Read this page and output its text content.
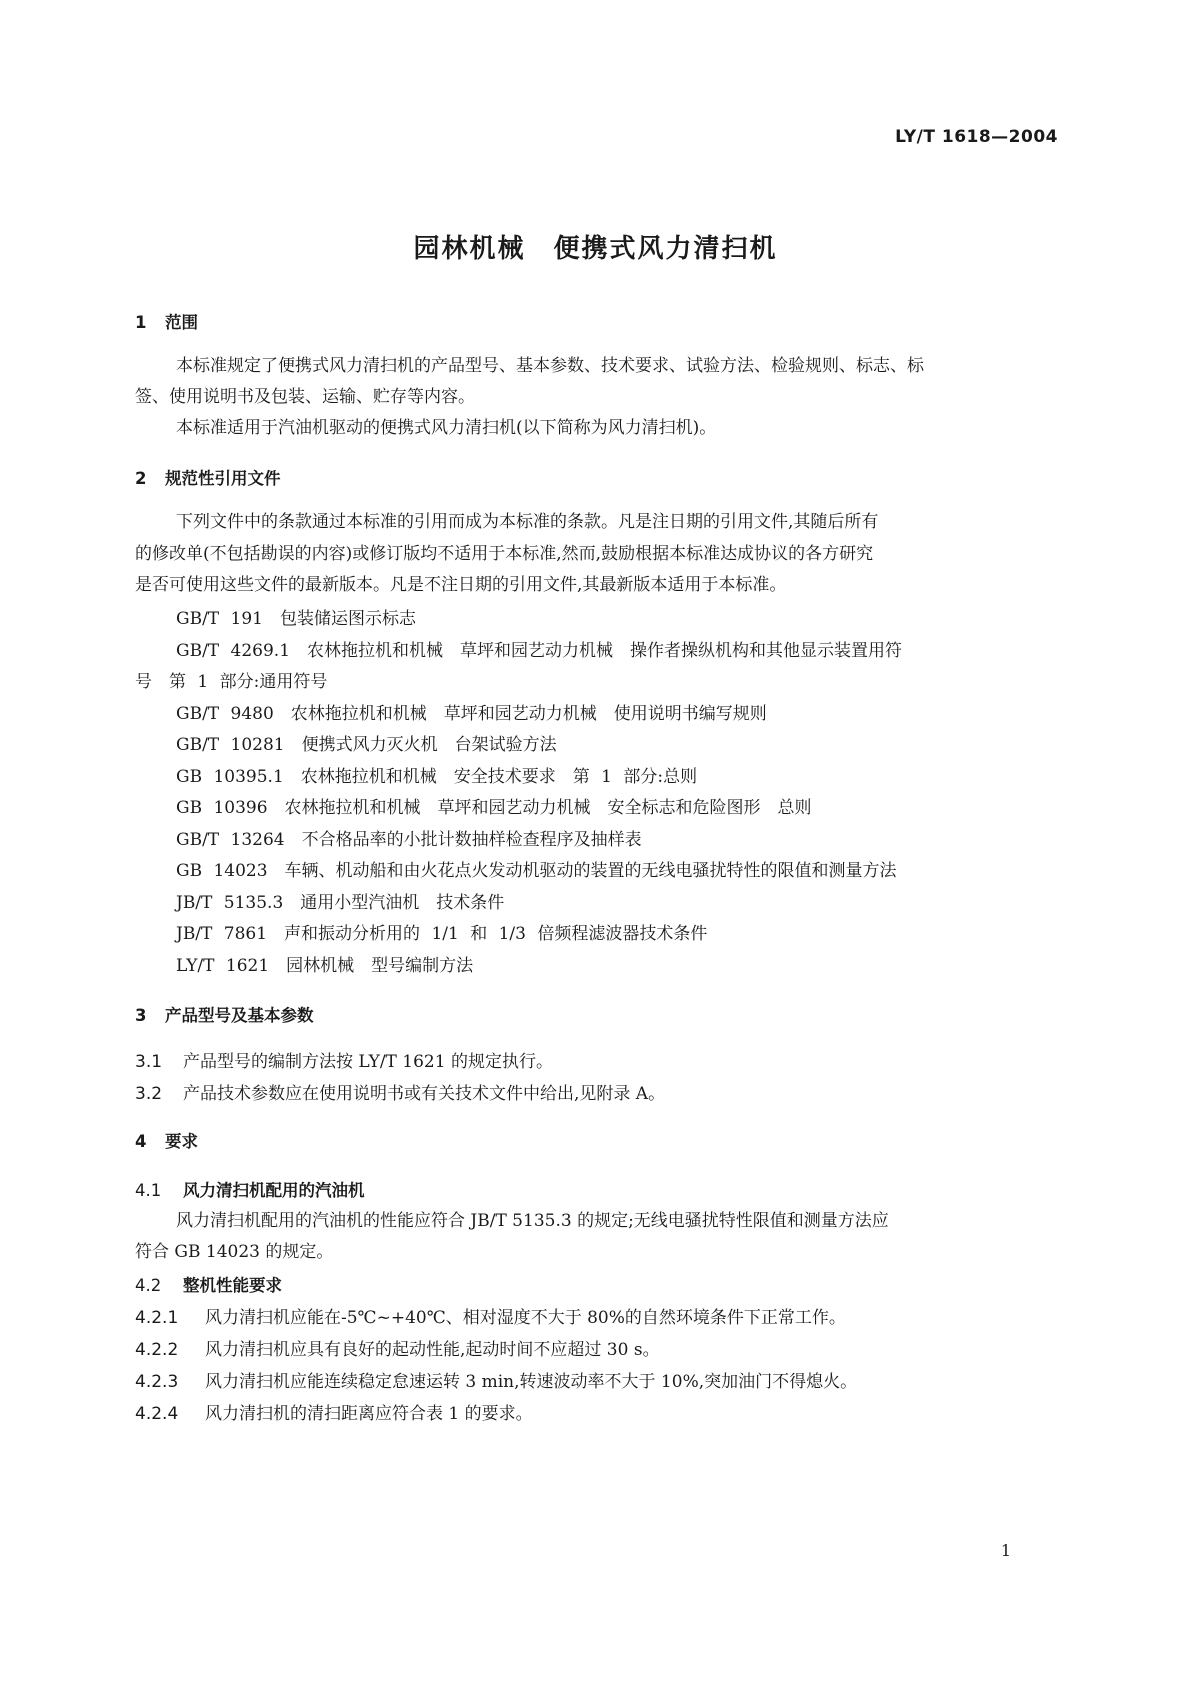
LY/T 1618—2004
园林机械　便携式风力清扫机
1 范围
本标准规定了便携式风力清扫机的产品型号、基本参数、技术要求、试验方法、检验规则、标志、标
签、使用说明书及包装、运输、贮存等内容。
本标准适用于汽油机驱动的便携式风力清扫机(以下简称为风力清扫机)。
2 规范性引用文件
下列文件中的条款通过本标准的引用而成为本标准的条款。凡是注日期的引用文件,其随后所有
的修改单(不包括勘误的内容)或修订版均不适用于本标准,然而,鼓励根据本标准达成协议的各方研究
是否可使用这些文件的最新版本。凡是不注日期的引用文件,其最新版本适用于本标准。
GB/T 191　包装储运图示标志
GB/T 4269.1　农林拖拉机和机械　草坪和园艺动力机械　操作者操纵机构和其他显示装置用符
号　第 1 部分:通用符号
GB/T 9480　农林拖拉机和机械　草坪和园艺动力机械　使用说明书编写规则
GB/T 10281　便携式风力灭火机　台架试验方法
GB 10395.1　农林拖拉机和机械　安全技术要求　第 1 部分:总则
GB 10396　农林拖拉机和机械　草坪和园艺动力机械　安全标志和危险图形　总则
GB/T 13264　不合格品率的小批计数抽样检查程序及抽样表
GB 14023　车辆、机动船和由火花点火发动机驱动的装置的无线电骚扰特性的限值和测量方法
JB/T 5135.3　通用小型汽油机　技术条件
JB/T 7861　声和振动分析用的 1/1 和 1/3 倍频程滤波器技术条件
LY/T 1621　园林机械　型号编制方法
3 产品型号及基本参数
3.1 产品型号的编制方法按 LY/T 1621 的规定执行。
3.2 产品技术参数应在使用说明书或有关技术文件中给出,见附录 A。
4 要求
4.1 风力清扫机配用的汽油机
风力清扫机配用的汽油机的性能应符合 JB/T 5135.3 的规定;无线电骚扰特性限值和测量方法应
符合 GB 14023 的规定。
4.2 整机性能要求
4.2.1 风力清扫机应能在-5℃~+40℃、相对湿度不大于 80%的自然环境条件下正常工作。
4.2.2 风力清扫机应具有良好的起动性能,起动时间不应超过 30 s。
4.2.3 风力清扫机应能连续稳定怠速运转 3 min,转速波动率不大于 10%,突加油门不得熄火。
4.2.4 风力清扫机的清扫距离应符合表 1 的要求。
1
